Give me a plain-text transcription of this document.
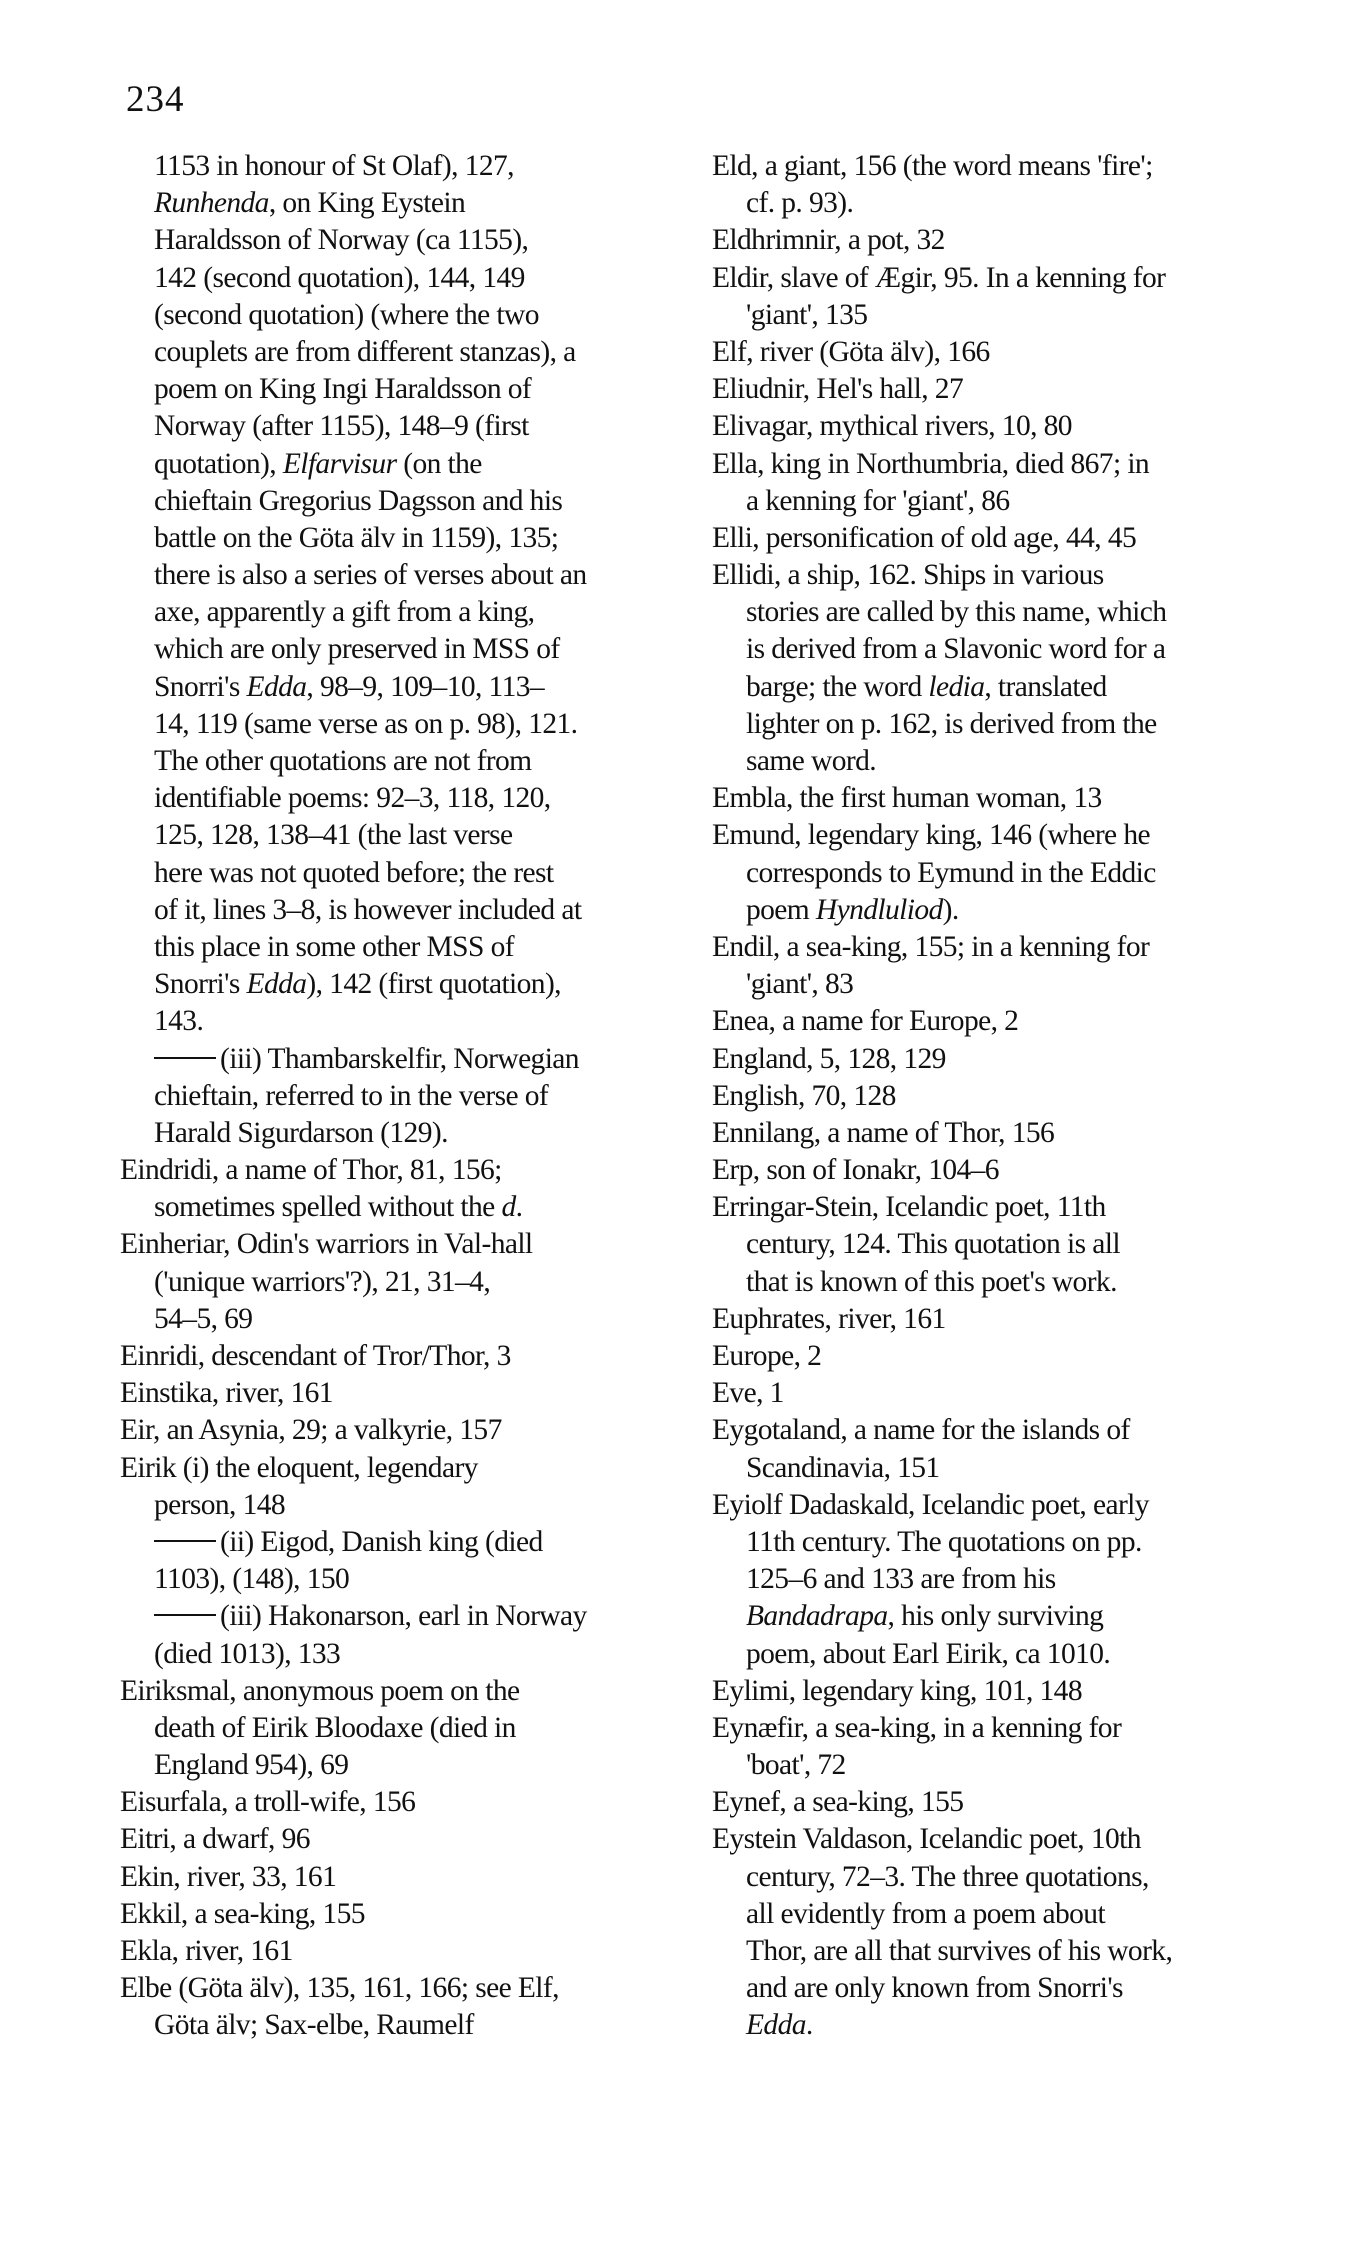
234
1153 in honour of St Olaf), 127,
Runhenda, on King Eystein
Haraldsson of Norway (ca 1155),
142 (second quotation), 144, 149
(second quotation) (where the two
couplets are from different stanzas), a
poem on King Ingi Haraldsson of
Norway (after 1155), 148–9 (first
quotation), Elfarvisur (on the
chieftain Gregorius Dagsson and his
battle on the Göta älv in 1159), 135;
there is also a series of verses about an
axe, apparently a gift from a king,
which are only preserved in MSS of
Snorri's Edda, 98–9, 109–10, 113–
14, 119 (same verse as on p. 98), 121.
The other quotations are not from
identifiable poems: 92–3, 118, 120,
125, 128, 138–41 (the last verse
here was not quoted before; the rest
of it, lines 3–8, is however included at
this place in some other MSS of
Snorri's Edda), 142 (first quotation),
143.
(iii) Thambarskelfir, Norwegian
chieftain, referred to in the verse of
Harald Sigurdarson (129).
Eindridi, a name of Thor, 81, 156;
sometimes spelled without the d.
Einheriar, Odin's warriors in Val-hall
('unique warriors'?), 21, 31–4,
54–5, 69
Einridi, descendant of Tror/Thor, 3
Einstika, river, 161
Eir, an Asynia, 29; a valkyrie, 157
Eirik (i) the eloquent, legendary
person, 148
(ii) Eigod, Danish king (died
1103), (148), 150
(iii) Hakonarson, earl in Norway
(died 1013), 133
Eiriksmal, anonymous poem on the
death of Eirik Bloodaxe (died in
England 954), 69
Eisurfala, a troll-wife, 156
Eitri, a dwarf, 96
Ekin, river, 33, 161
Ekkil, a sea-king, 155
Ekla, river, 161
Elbe (Göta älv), 135, 161, 166; see Elf,
Göta älv; Sax-elbe, Raumelf
Eld, a giant, 156 (the word means 'fire';
cf. p. 93).
Eldhrimnir, a pot, 32
Eldir, slave of Ægir, 95. In a kenning for
'giant', 135
Elf, river (Göta älv), 166
Eliudnir, Hel's hall, 27
Elivagar, mythical rivers, 10, 80
Ella, king in Northumbria, died 867; in
a kenning for 'giant', 86
Elli, personification of old age, 44, 45
Ellidi, a ship, 162. Ships in various
stories are called by this name, which
is derived from a Slavonic word for a
barge; the word ledia, translated
lighter on p. 162, is derived from the
same word.
Embla, the first human woman, 13
Emund, legendary king, 146 (where he
corresponds to Eymund in the Eddic
poem Hyndluliod).
Endil, a sea-king, 155; in a kenning for
'giant', 83
Enea, a name for Europe, 2
England, 5, 128, 129
English, 70, 128
Ennilang, a name of Thor, 156
Erp, son of Ionakr, 104–6
Erringar-Stein, Icelandic poet, 11th
century, 124. This quotation is all
that is known of this poet's work.
Euphrates, river, 161
Europe, 2
Eve, 1
Eygotaland, a name for the islands of
Scandinavia, 151
Eyiolf Dadaskald, Icelandic poet, early
11th century. The quotations on pp.
125–6 and 133 are from his
Bandadrapa, his only surviving
poem, about Earl Eirik, ca 1010.
Eylimi, legendary king, 101, 148
Eynæfir, a sea-king, in a kenning for
'boat', 72
Eynef, a sea-king, 155
Eystein Valdason, Icelandic poet, 10th
century, 72–3. The three quotations,
all evidently from a poem about
Thor, are all that survives of his work,
and are only known from Snorri's
Edda.
